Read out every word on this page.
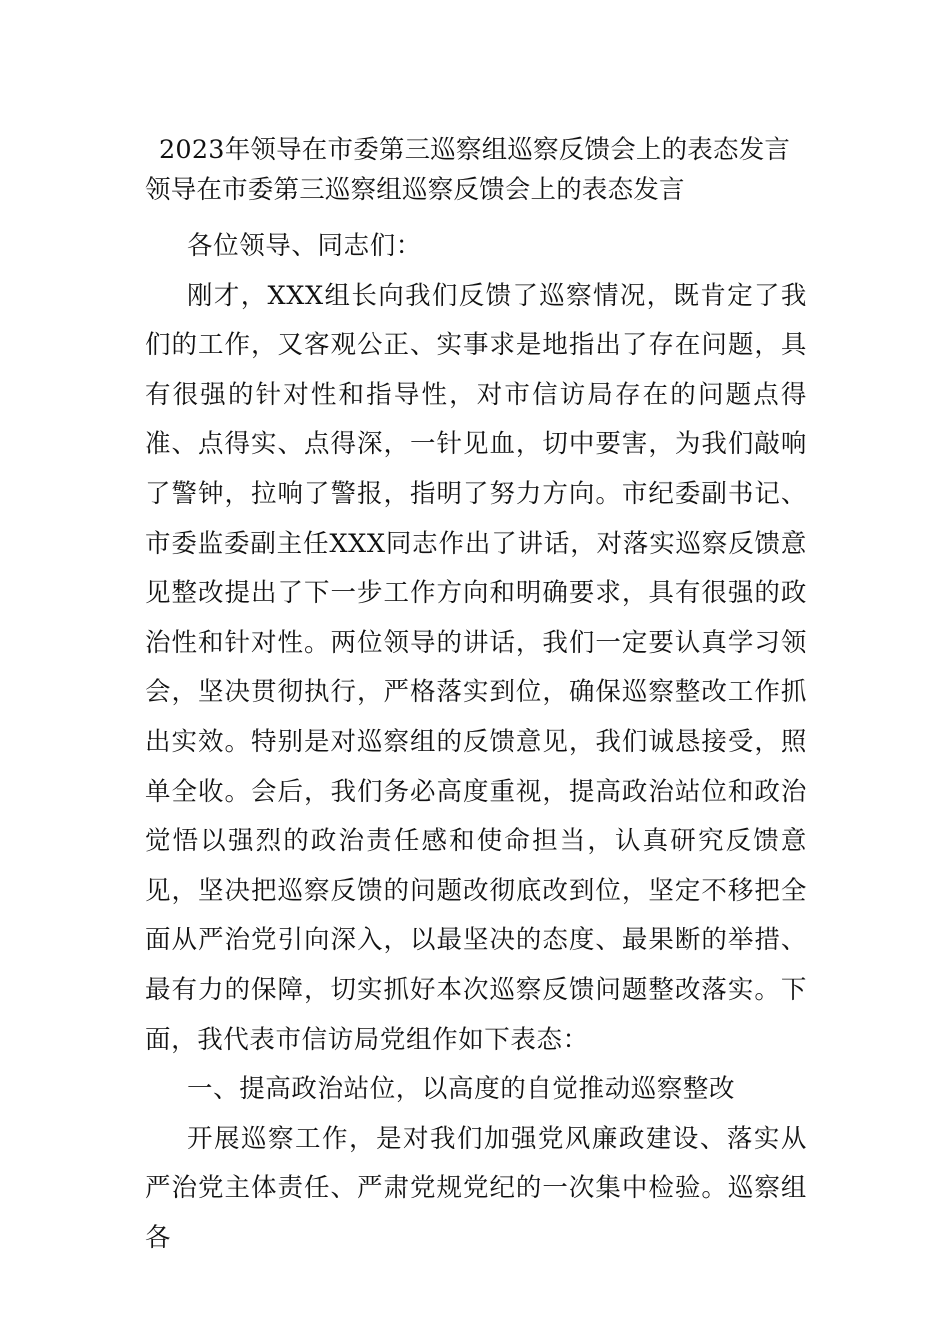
2023年领导在市委第三巡察组巡察反馈会上的表态发言
领导在市委第三巡察组巡察反馈会上的表态发言

各位领导、同志们：

刚才，XXX组长向我们反馈了巡察情况，既肯定了我们的工作，又客观公正、实事求是地指出了存在问题，具有很强的针对性和指导性，对市信访局存在的问题点得准、点得实、点得深，一针见血，切中要害，为我们敲响了警钟，拉响了警报，指明了努力方向。市纪委副书记、市委监委副主任XXX同志作出了讲话，对落实巡察反馈意见整改提出了下一步工作方向和明确要求，具有很强的政治性和针对性。两位领导的讲话，我们一定要认真学习领会，坚决贯彻执行，严格落实到位，确保巡察整改工作抓出实效。特别是对巡察组的反馈意见，我们诚恳接受，照单全收。会后，我们务必高度重视，提高政治站位和政治觉悟以强烈的政治责任感和使命担当，认真研究反馈意见，坚决把巡察反馈的问题改彻底改到位，坚定不移把全面从严治党引向深入，以最坚决的态度、最果断的举措、最有力的保障，切实抓好本次巡察反馈问题整改落实。下面，我代表市信访局党组作如下表态：

一、提高政治站位，以高度的自觉推动巡察整改

开展巡察工作，是对我们加强党风廉政建设、落实从严治党主体责任、严肃党规党纪的一次集中检验。巡察组各
